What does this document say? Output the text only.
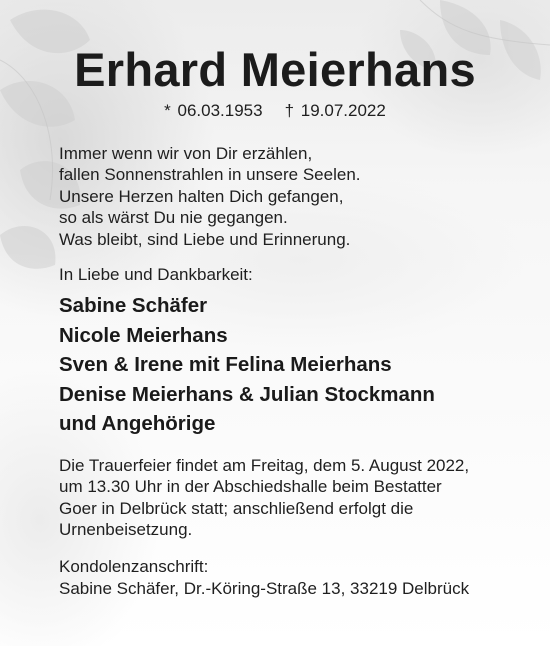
Erhard Meierhans
* 06.03.1953 † 19.07.2022
Immer wenn wir von Dir erzählen,
fallen Sonnenstrahlen in unsere Seelen.
Unsere Herzen halten Dich gefangen,
so als wärst Du nie gegangen.
Was bleibt, sind Liebe und Erinnerung.
In Liebe und Dankbarkeit:
Sabine Schäfer
Nicole Meierhans
Sven & Irene mit Felina Meierhans
Denise Meierhans & Julian Stockmann
und Angehörige
Die Trauerfeier findet am Freitag, dem 5. August 2022,
um 13.30 Uhr in der Abschiedshalle beim Bestatter
Goer in Delbrück statt; anschließend erfolgt die
Urnenbeisetzung.
Kondolenzanschrift:
Sabine Schäfer, Dr.-Köring-Straße 13, 33219 Delbrück
